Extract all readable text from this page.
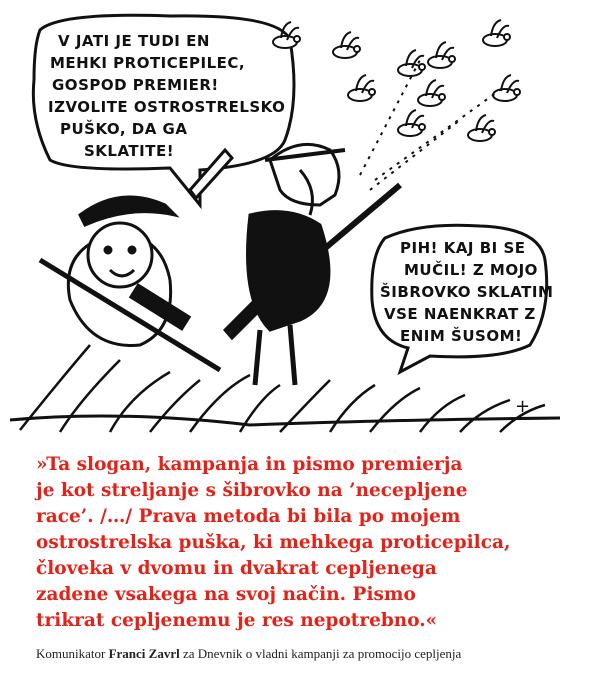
V JATI JE TUDI EN
MEHKI PROTICEPILEC,
GOSPOD PREMIER!
IZVOLITE OSTROSTRELSKO
PUŠKO, DA GA
SKLATITE!
PIH! KAJ BI SE
MUČIL! Z MOJO
ŠIBROVKO SKLATIM
VSE NAENKRAT Z
ENIM ŠUSOM!
+

»Ta slogan, kampanja in pismo premierja
je kot streljanje s šibrovko na ’necepljene
race’. /…/ Prava metoda bi bila po mojem
ostrostrelska puška, ki mehkega proticepilca,
človeka v dvomu in dvakrat cepljenega
zadene vsakega na svoj način. Pismo
trikrat cepljenemu je res nepotrebno.«

Komunikator Franci Zavrl za Dnevnik o vladni kampanji za promocijo cepljenja
